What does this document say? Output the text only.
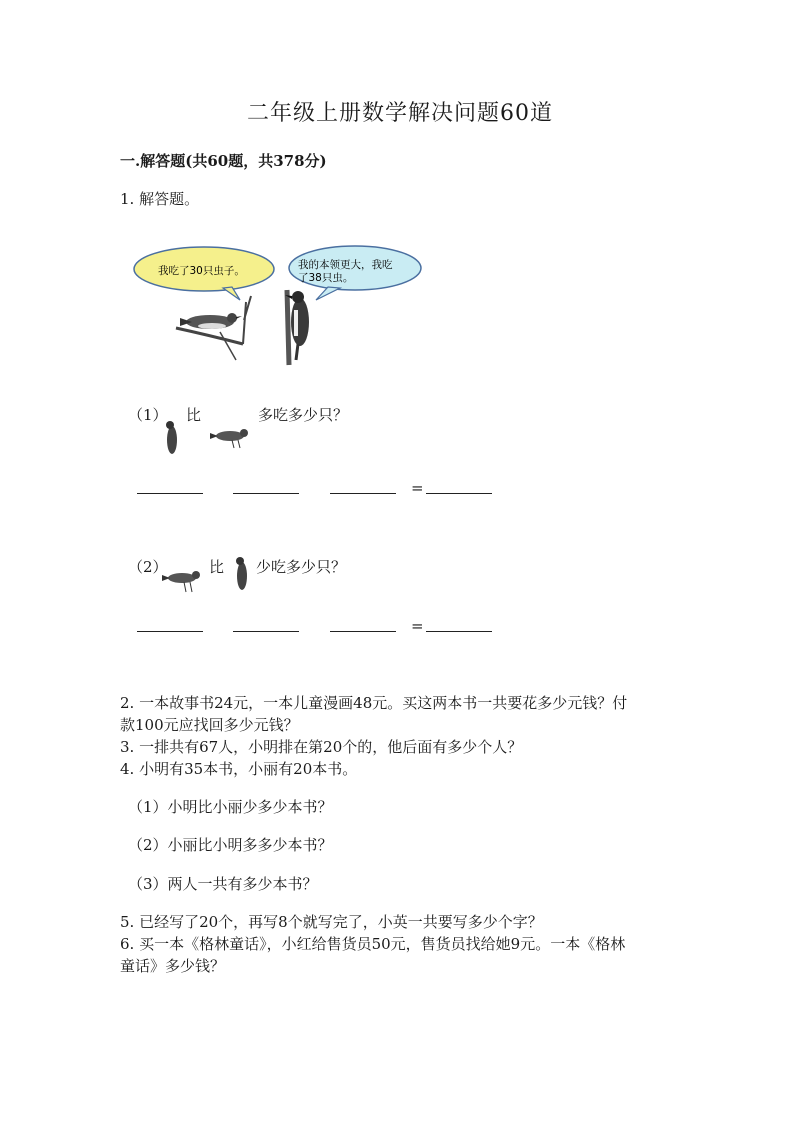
二年级上册数学解决问题60道
一.解答题(共60题，共378分)
1. 解答题。
我吃了30只虫子。	我的本领更大，我吃
了38只虫。
（1） 比	多吃多少只？
=
（2）	比 少吃多少只？
=
2. 一本故事书24元，一本儿童漫画48元。买这两本书一共要花多少元钱？付
款100元应找回多少元钱？
3. 一排共有67人，小明排在第20个的，他后面有多少个人？
4. 小明有35本书，小丽有20本书。
（1）小明比小丽少多少本书？
（2）小丽比小明多多少本书？
（3）两人一共有多少本书？
5. 已经写了20个，再写8个就写完了，小英一共要写多少个字？
6. 买一本《格林童话》，小红给售货员50元，售货员找给她9元。一本《格林
童话》多少钱？
